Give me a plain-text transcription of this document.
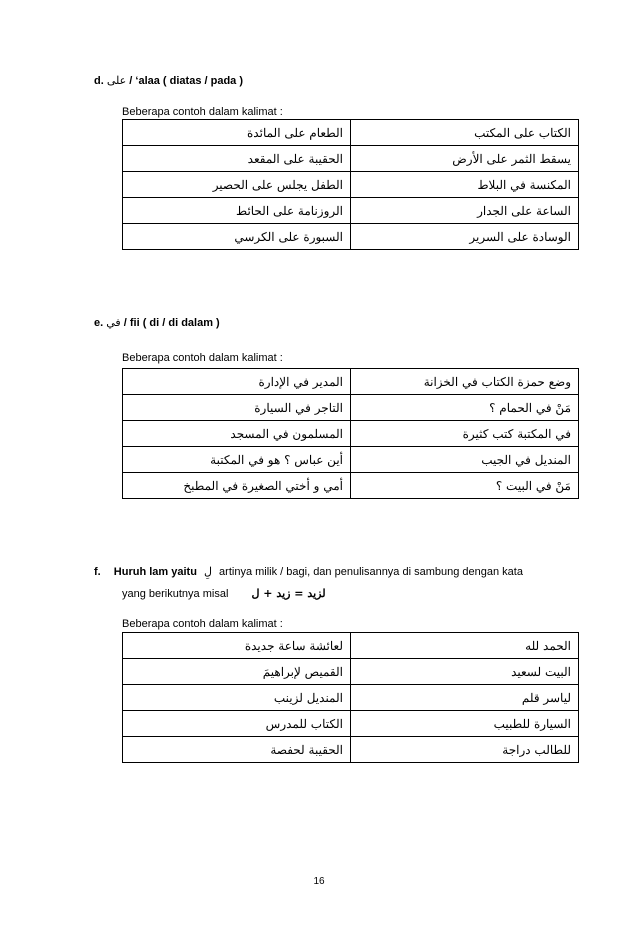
d. على / ‘alaa ( diatas / pada )
Beberapa contoh dalam kalimat :
الكتاب على المكتب	الطعام على المائدة
يسقط الثمر على الأرض	الحقيبة على المقعد
المكنسة في البلاط	الطفل يجلس على الحصير
الساعة على الجدار	الروزنامة على الحائط
الوسادة على السرير	السبورة على الكرسي
e. في / fii ( di / di dalam )
Beberapa contoh dalam kalimat :
وضع حمزة الكتاب في الخزانة	المدير في الإدارة
مَنْ في الحمام ؟	التاجر في السيارة
في المكتبة كتب كثيرة	المسلمون في المسجد
المنديل في الجيب	أين عباس ؟ هو في المكتبة
مَنْ في البيت ؟	أمي و أختي الصغيرة في المطبخ
f. Huruh lam yaitu لِ artinya milik / bagi, dan penulisannya di sambung dengan kata
yang berikutnya misal لزيد = زيد + ل
Beberapa contoh dalam kalimat :
الحمد لله	لعائشة ساعة جديدة
البيت لسعيد	القميص لإبراهيمَ
لياسر قلم	المنديل لزينب
السيارة للطبيب	الكتاب للمدرس
للطالب دراجة	الحقيبة لحفصة
16
